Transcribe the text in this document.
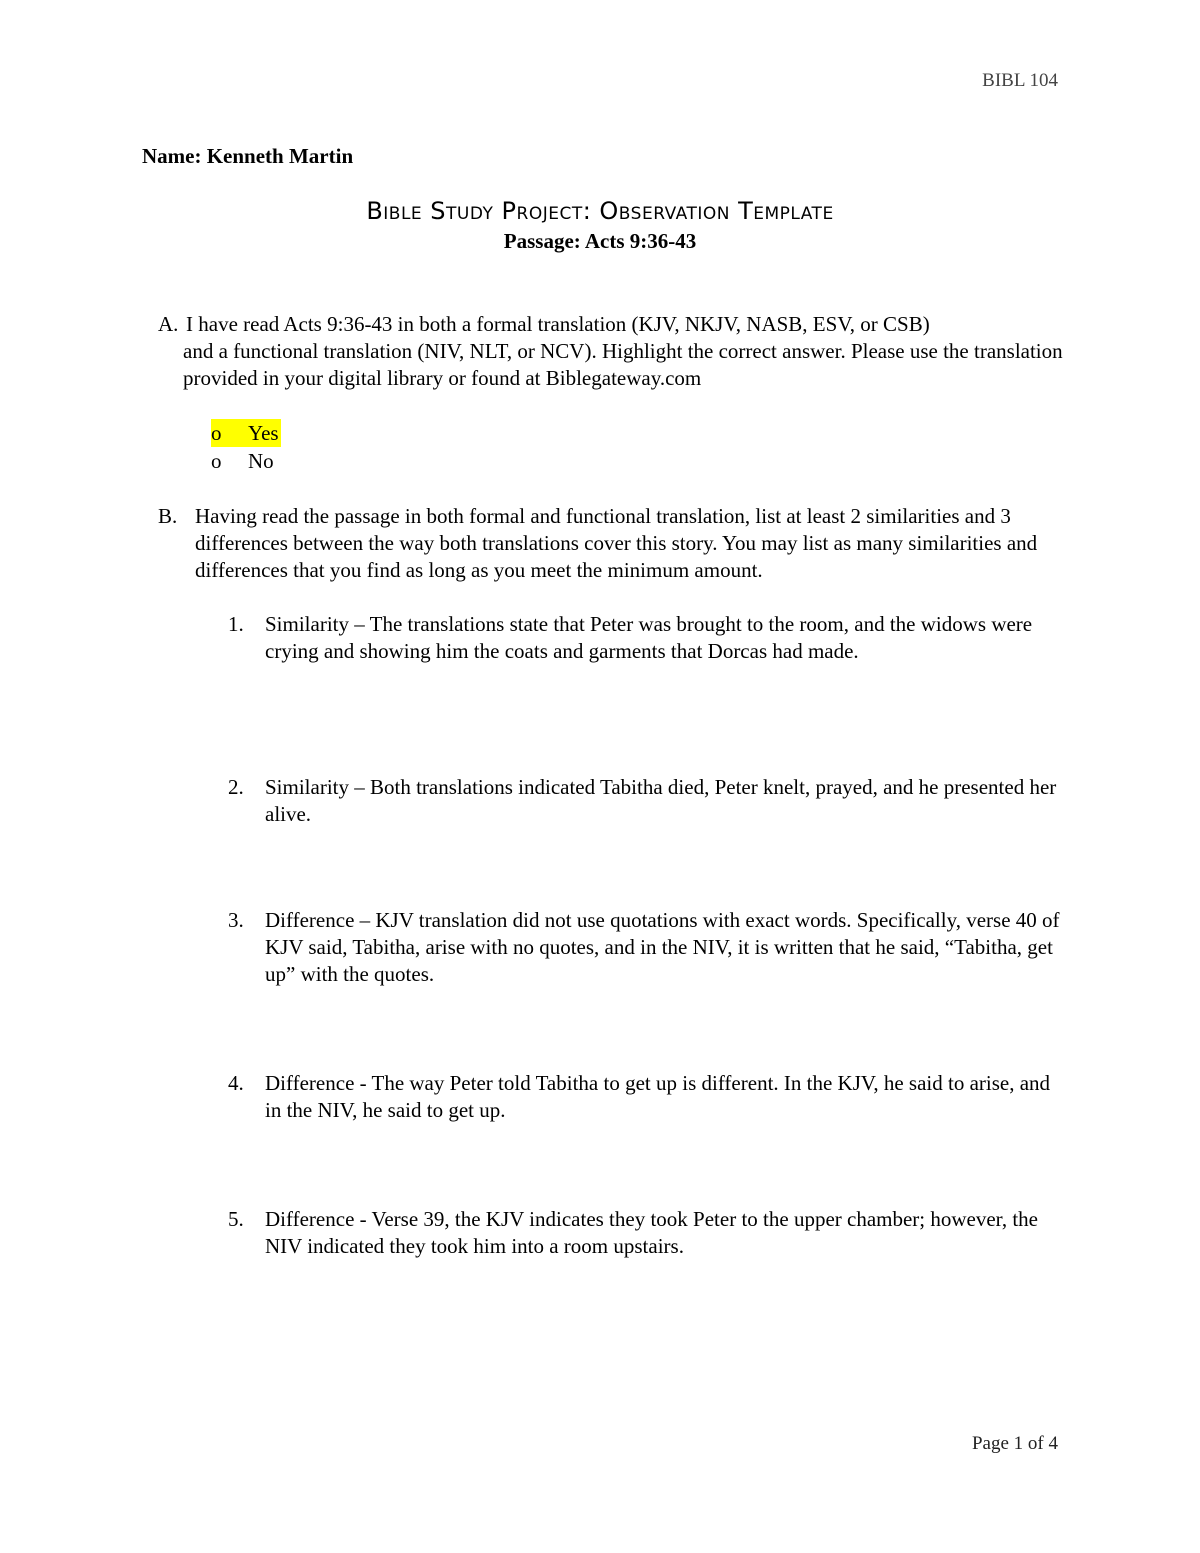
BIBL 104
Name: Kenneth Martin
Bible Study Project: Observation Template
Passage: Acts 9:36-43
A. I have read Acts 9:36-43 in both a formal translation (KJV, NKJV, NASB, ESV, or CSB)
and a functional translation (NIV, NLT, or NCV). Highlight the correct answer. Please use the translation provided in your digital library or found at Biblegateway.com
o	Yes
o	No
B. Having read the passage in both formal and functional translation, list at least 2 similarities and 3 differences between the way both translations cover this story. You may list as many similarities and differences that you find as long as you meet the minimum amount.
1.	Similarity – The translations state that Peter was brought to the room, and the widows were crying and showing him the coats and garments that Dorcas had made.
2.	Similarity – Both translations indicated Tabitha died, Peter knelt, prayed, and he presented her alive.
3.	Difference – KJV translation did not use quotations with exact words. Specifically, verse 40 of KJV said, Tabitha, arise with no quotes, and in the NIV, it is written that he said, “Tabitha, get up” with the quotes.
4.	Difference - The way Peter told Tabitha to get up is different. In the KJV, he said to arise, and in the NIV, he said to get up.
5.	Difference - Verse 39, the KJV indicates they took Peter to the upper chamber; however, the NIV indicated they took him into a room upstairs.
Page 1 of 4
